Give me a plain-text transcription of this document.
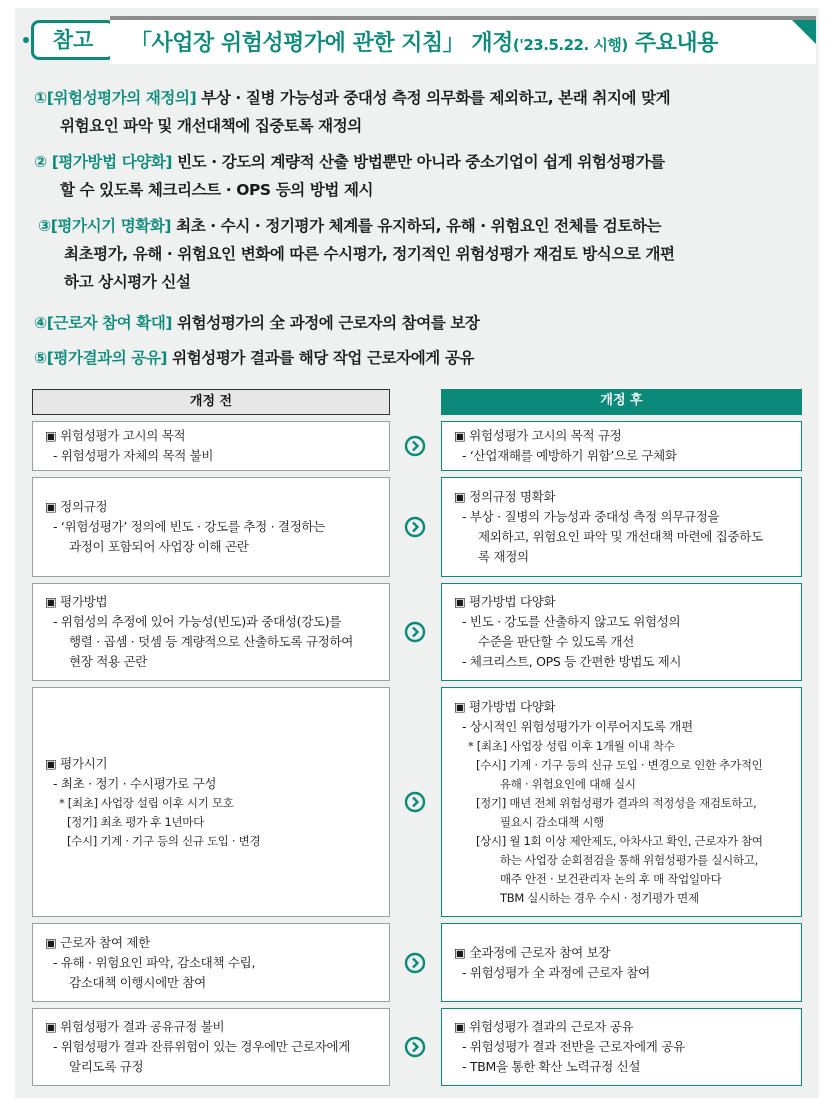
참고	「사업장 위험성평가에 관한 지침」 개정('23.5.22. 시행) 주요내용
①[위험성평가의 재정의] 부상 · 질병 가능성과 중대성 측정 의무화를 제외하고, 본래 취지에 맞게
위험요인 파악 및 개선대책에 집중토록 재정의
② [평가방법 다양화] 빈도 · 강도의 계량적 산출 방법뿐만 아니라 중소기업이 쉽게 위험성평가를
할 수 있도록 체크리스트 · OPS 등의 방법 제시
③[평가시기 명확화] 최초 · 수시 · 정기평가 체계를 유지하되, 유해 · 위험요인 전체를 검토하는
최초평가, 유해 · 위험요인 변화에 따른 수시평가, 정기적인 위험성평가 재검토 방식으로 개편
하고 상시평가 신설
④[근로자 참여 확대] 위험성평가의 全 과정에 근로자의 참여를 보장
⑤[평가결과의 공유] 위험성평가 결과를 해당 작업 근로자에게 공유
개정 전	개정 후
▣ 위험성평가 고시의 목적
- 위험성평가 자체의 목적 불비
▣ 위험성평가 고시의 목적 규정
- ‘산업재해를 예방하기 위함’으로 구체화
▣ 정의규정
- ‘위험성평가’ 정의에 빈도 · 강도를 추정 · 결정하는
과정이 포함되어 사업장 이해 곤란
▣ 정의규정 명확화
- 부상 · 질병의 가능성과 중대성 측정 의무규정을
제외하고, 위험요인 파악 및 개선대책 마련에 집중하도
록 재정의
▣ 평가방법
- 위험성의 추정에 있어 가능성(빈도)과 중대성(강도)를
행렬 · 곱셈 · 덧셈 등 계량적으로 산출하도록 규정하여
현장 적용 곤란
▣ 평가방법 다양화
- 빈도 · 강도를 산출하지 않고도 위험성의
수준을 판단할 수 있도록 개선
- 체크리스트, OPS 등 간편한 방법도 제시
▣ 평가시기
- 최초 · 정기 · 수시평가로 구성
* [최초] 사업장 설립 이후 시기 모호
[정기] 최초 평가 후 1년마다
[수시] 기계 · 기구 등의 신규 도입 · 변경
▣ 평가방법 다양화
- 상시적인 위험성평가가 이루어지도록 개편
* [최초] 사업장 성립 이후 1개월 이내 착수
[수시] 기계 · 기구 등의 신규 도입 · 변경으로 인한 추가적인
유해 · 위험요인에 대해 실시
[정기] 매년 전체 위험성평가 결과의 적정성을 재검토하고,
필요시 감소대책 시행
[상시] 월 1회 이상 제안제도, 아차사고 확인, 근로자가 참여
하는 사업장 순회점검을 통해 위험성평가를 실시하고,
매주 안전 · 보건관리자 논의 후 매 작업일마다
TBM 실시하는 경우 수시 · 정기평가 면제
▣ 근로자 참여 제한
- 유해 · 위험요인 파악, 감소대책 수립,
감소대책 이행시에만 참여
▣ 全과정에 근로자 참여 보장
- 위험성평가 全 과정에 근로자 참여
▣ 위험성평가 결과 공유규정 불비
- 위험성평가 결과 잔류위험이 있는 경우에만 근로자에게
알리도록 규정
▣ 위험성평가 결과의 근로자 공유
- 위험성평가 결과 전반을 근로자에게 공유
- TBM을 통한 확산 노력규정 신설
